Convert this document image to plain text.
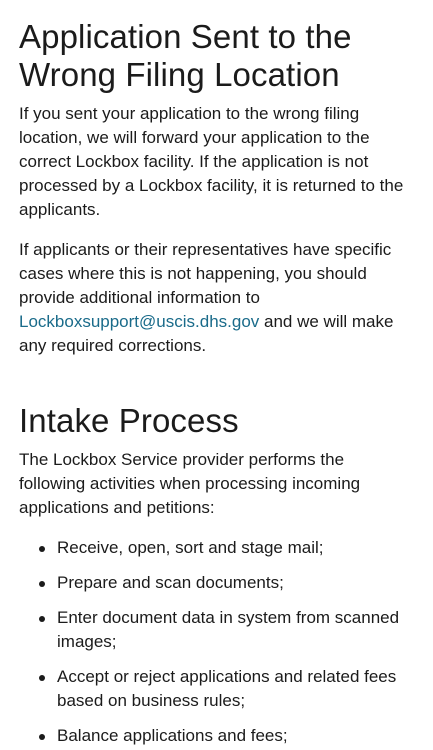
Application Sent to the Wrong Filing Location

If you sent your application to the wrong filing location, we will forward your application to the correct Lockbox facility. If the application is not processed by a Lockbox facility, it is returned to the applicants.

If applicants or their representatives have specific cases where this is not happening, you should provide additional information to Lockboxsupport@uscis.dhs.gov and we will make any required corrections.

Intake Process

The Lockbox Service provider performs the following activities when processing incoming applications and petitions:

Receive, open, sort and stage mail;
Prepare and scan documents;
Enter document data in system from scanned images;
Accept or reject applications and related fees based on business rules;
Balance applications and fees;
